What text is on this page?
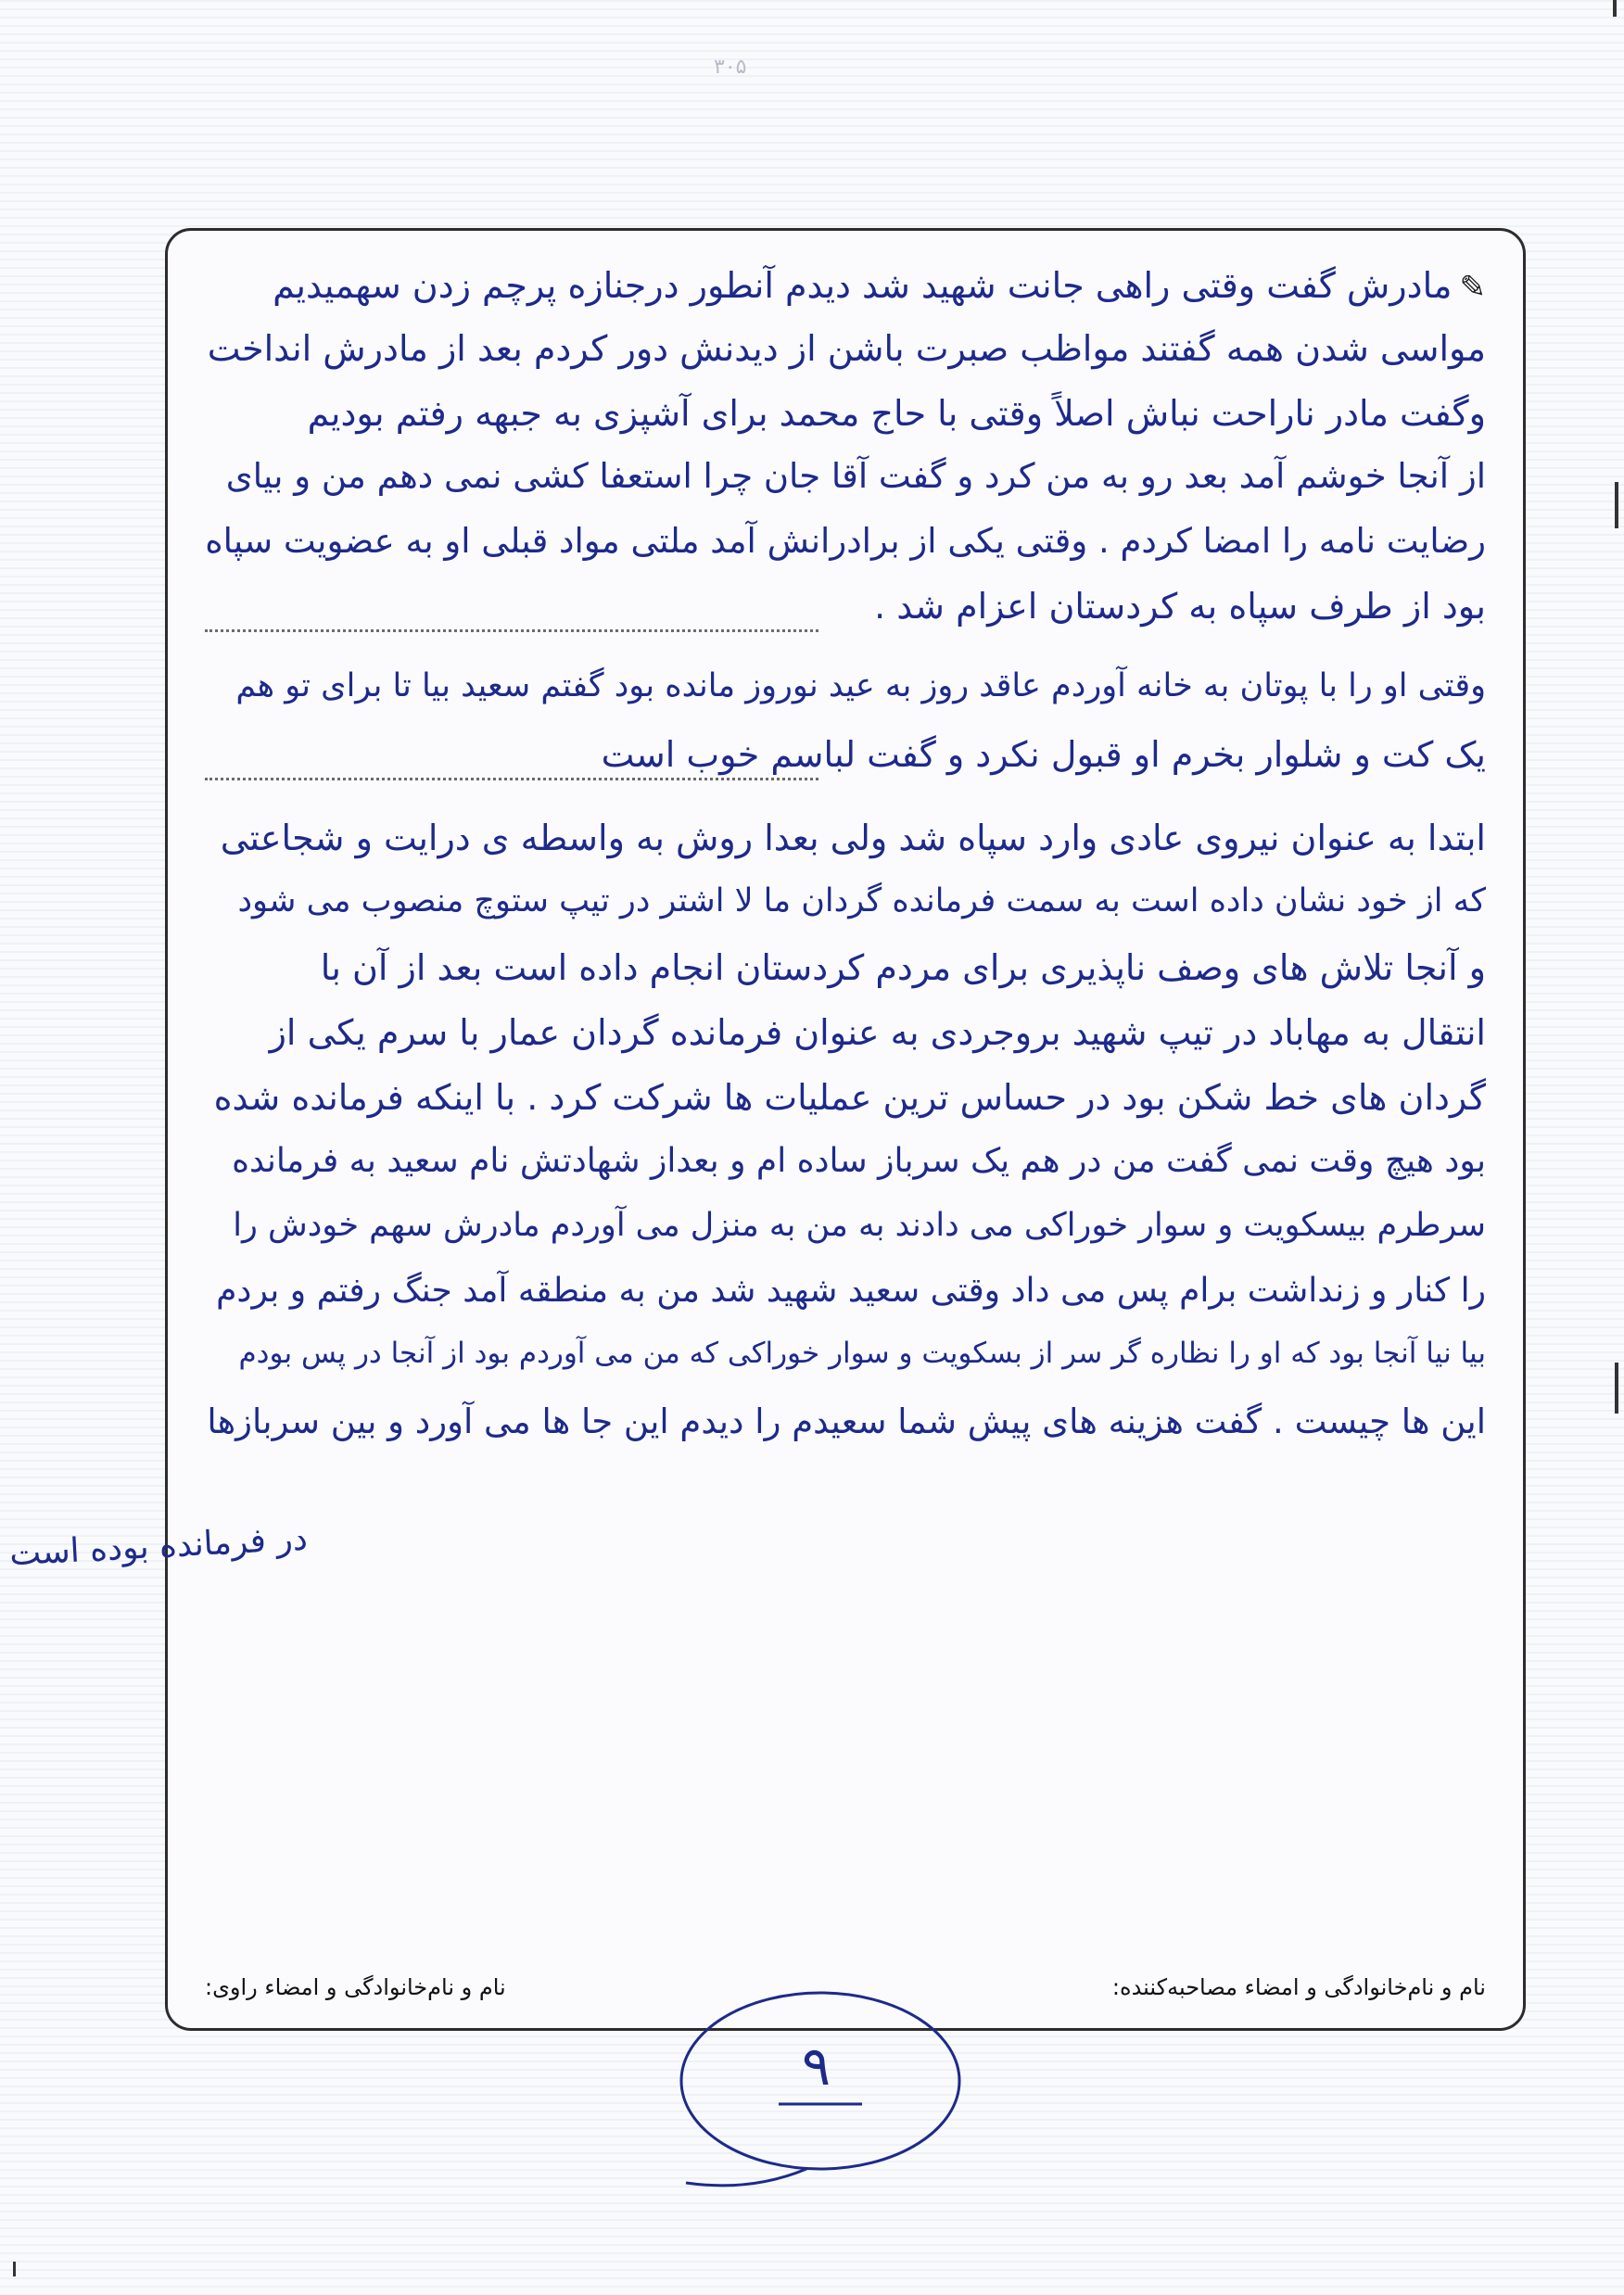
۳۰۵
✎مادرش گفت وقتی راهی جانت شهید شد دیدم آنطور درجنازه پرچم زدن سهمیدیم
مواسی شدن همه گفتند مواظب صبرت باشن از دیدنش دور کردم بعد از مادرش انداخت
وگفت مادر ناراحت نباش اصلاً وقتی با حاج محمد برای آشپزی به جبهه رفتم بودیم
از آنجا خوشم آمد بعد رو به من کرد و گفت آقا جان چرا استعفا کشی نمی دهم من و بیای
رضایت نامه را امضا کردم . وقتی یکی از برادرانش آمد ملتی مواد قبلی او به عضویت سپاه
بود از طرف سپاه به کردستان اعزام شد .
وقتی او را با پوتان به خانه آوردم عاقد روز به عید نوروز مانده بود گفتم سعید بیا تا برای تو هم
یک کت و شلوار بخرم او قبول نکرد و گفت لباسم خوب است
ابتدا به عنوان نیروی عادی وارد سپاه شد ولی بعدا روش به واسطه ی درایت و شجاعتی
که از خود نشان داده است به سمت فرمانده گردان ما لا اشتر در تیپ ستوچ منصوب می شود
و آنجا تلاش های وصف ناپذیری برای مردم کردستان انجام داده است بعد از آن با
انتقال به مهاباد در تیپ شهید بروجردی به عنوان فرمانده گردان عمار با سرم یکی از
گردان های خط شکن بود در حساس ترین عملیات ها شرکت کرد . با اینکه فرمانده شده
بود هیچ وقت نمی گفت من در هم یک سرباز ساده ام و بعداز شهادتش نام سعید به فرمانده
سرطرم بیسکویت و سوار خوراکی می دادند به من به منزل می آوردم مادرش سهم خودش را
را کنار و زنداشت برام پس می داد وقتی سعید شهید شد من به منطقه آمد جنگ رفتم و بردم
بیا نیا آنجا بود که او را نظاره گر سر از بسکویت و سوار خوراکی که من می آوردم بود از آنجا در پس بودم
این ها چیست . گفت هزینه های پیش شما سعیدم را دیدم این جا ها می آورد و بین سربازها
نام و نام‌خانوادگی و امضاء مصاحبه‌کننده:
نام و نام‌خانوادگی و امضاء راوی:
در فرمانده بوده است
۹
